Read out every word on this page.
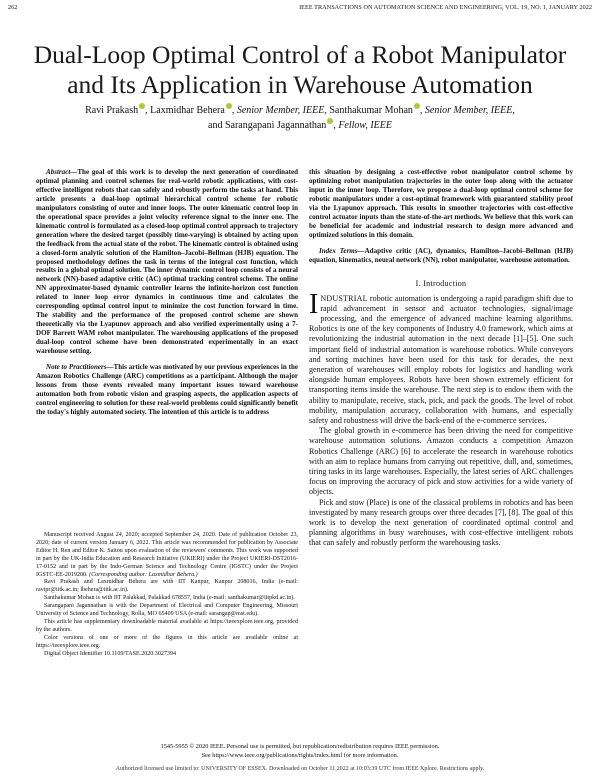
262	IEEE TRANSACTIONS ON AUTOMATION SCIENCE AND ENGINEERING, VOL. 19, NO. 1, JANUARY 2022
Dual-Loop Optimal Control of a Robot Manipulator
and Its Application in Warehouse Automation
Ravi Prakash , Laxmidhar Behera , Senior Member, IEEE, Santhakumar Mohan , Senior Member, IEEE,
and Sarangapani Jagannathan , Fellow, IEEE

Abstract—The goal of this work is to develop the next generation of coordinated optimal planning and control schemes for real-world robotic applications, with cost-effective intelligent robots that can safely and robustly perform the tasks at hand. This article presents a dual-loop optimal hierarchical control scheme for robotic manipulators consisting of outer and inner loops. The outer kinematic control loop in the operational space provides a joint velocity reference signal to the inner one. The kinematic control is formulated as a closed-loop optimal control approach to trajectory generation where the desired target (possibly time-varying) is obtained by acting upon the feedback from the actual state of the robot. The kinematic control is obtained using a closed-form analytic solution of the Hamilton–Jacobi–Bellman (HJB) equation. The proposed methodology defines the task in terms of the integral cost function, which results in a global optimal solution. The inner dynamic control loop consists of a neural network (NN)-based adaptive critic (AC) optimal tracking control scheme. The online NN approximator-based dynamic controller learns the infinite-horizon cost function related to inner loop error dynamics in continuous time and calculates the corresponding optimal control input to minimize the cost function forward in time. The stability and the performance of the proposed control scheme are shown theoretically via the Lyapunov approach and also verified experimentally using a 7-DOF Barrett WAM robot manipulator. The warehousing applications of the proposed dual-loop control scheme have been demonstrated experimentally in an exact warehouse setting.

Note to Practitioners—This article was motivated by our previous experiences in the Amazon Robotics Challenge (ARC) competitions as a participant. Although the major lessons from those events revealed many important issues toward warehouse automation both from robotic vision and grasping aspects, the application aspects of control engineering to solution for these real-world problems could significantly benefit the today's highly automated society. The intention of this article is to address

Manuscript received August 24, 2020; accepted September 24, 2020. Date of publication October 23, 2020; date of current version January 6, 2022. This article was recommended for publication by Associate Editor H. Ren and Editor K. Saitou upon evaluation of the reviewers' comments. This work was supported in part by the UK-India Education and Research Initiative (UKIERI) under the Project UKIERI-DST2016-17-0152 and in part by the Indo-German Science and Technology Centre (IGSTC) under the Project IGSTC-EE-2019200. (Corresponding author: Laxmidhar Behera.)

Ravi Prakash and Laxmidhar Behera are with IIT Kanpur, Kanpur 208016, India (e-mail: ravipr@iitk.ac.in; lbehera@iitk.ac.in).

Santhakumar Mohan is with IIT Palakkad, Palakkad 678557, India (e-mail: santhakumar@iitpkd.ac.in).

Sarangapani Jagannathan is with the Department of Electrical and Computer Engineering, Missouri University of Science and Technology, Rolla, MO 65409 USA (e-mail: sarangap@mst.edu).

This article has supplementary downloadable material available at https://ieeexplore.ieee.org, provided by the authors.

Color versions of one or more of the figures in this article are available online at https://ieeexplore.ieee.org.

Digital Object Identifier 10.1109/TASE.2020.3027394

this situation by designing a cost-effective robot manipulator control scheme by optimizing robot manipulation trajectories in the outer loop along with the actuator input in the inner loop. Therefore, we propose a dual-loop optimal control scheme for robotic manipulators under a cost-optimal framework with guaranteed stability proof via the Lyapunov approach. This results in smoother trajectories with cost-effective control actuator inputs than the state-of-the-art methods. We believe that this work can be beneficial for academic and industrial research to design more advanced and optimized solutions in this domain.

Index Terms—Adaptive critic (AC), dynamics, Hamilton–Jacobi–Bellman (HJB) equation, kinematics, neural network (NN), robot manipulator, warehouse automation.

I. Introduction

INDUSTRIAL robotic automation is undergoing a rapid paradigm shift due to rapid advancement in sensor and actuator technologies, signal/image processing, and the emergence of advanced machine learning algorithms. Robotics is one of the key components of Industry 4.0 framework, which aims at revolutionizing the industrial automation in the next decade [1]–[5]. One such important field of industrial automation is warehouse robotics. While conveyors and sorting machines have been used for this task for decades, the next generation of warehouses will employ robots for logistics and handling work alongside human employees. Robots have been shown extremely efficient for transporting items inside the warehouse. The next step is to endow them with the ability to manipulate, receive, stack, pick, and pack the goods. The level of robot mobility, manipulation accuracy, collaboration with humans, and especially safety and robustness will drive the back-end of the e-commerce services.

The global growth in e-commerce has been driving the need for competitive warehouse automation solutions. Amazon conducts a competition Amazon Robotics Challenge (ARC) [6] to accelerate the research in warehouse robotics with an aim to replace humans from carrying out repetitive, dull, and, sometimes, tiring tasks in its large warehouses. Especially, the latest series of ARC challenges focus on improving the accuracy of pick and stow activities for a wide variety of objects.

Pick and stow (Place) is one of the classical problems in robotics and has been investigated by many research groups over three decades [7], [8]. The goal of this work is to develop the next generation of coordinated optimal control and planning algorithms in busy warehouses, with cost-effective intelligent robots that can safely and robustly perform the warehousing tasks.

1545-5955 © 2020 IEEE. Personal use is permitted, but republication/redistribution requires IEEE permission.
See https://www.ieee.org/publications/rights/index.html for more information.
Authorized licensed use limited to: UNIVERSITY OF ESSEX. Downloaded on October 11,2022 at 10:03:39 UTC from IEEE Xplore. Restrictions apply.
